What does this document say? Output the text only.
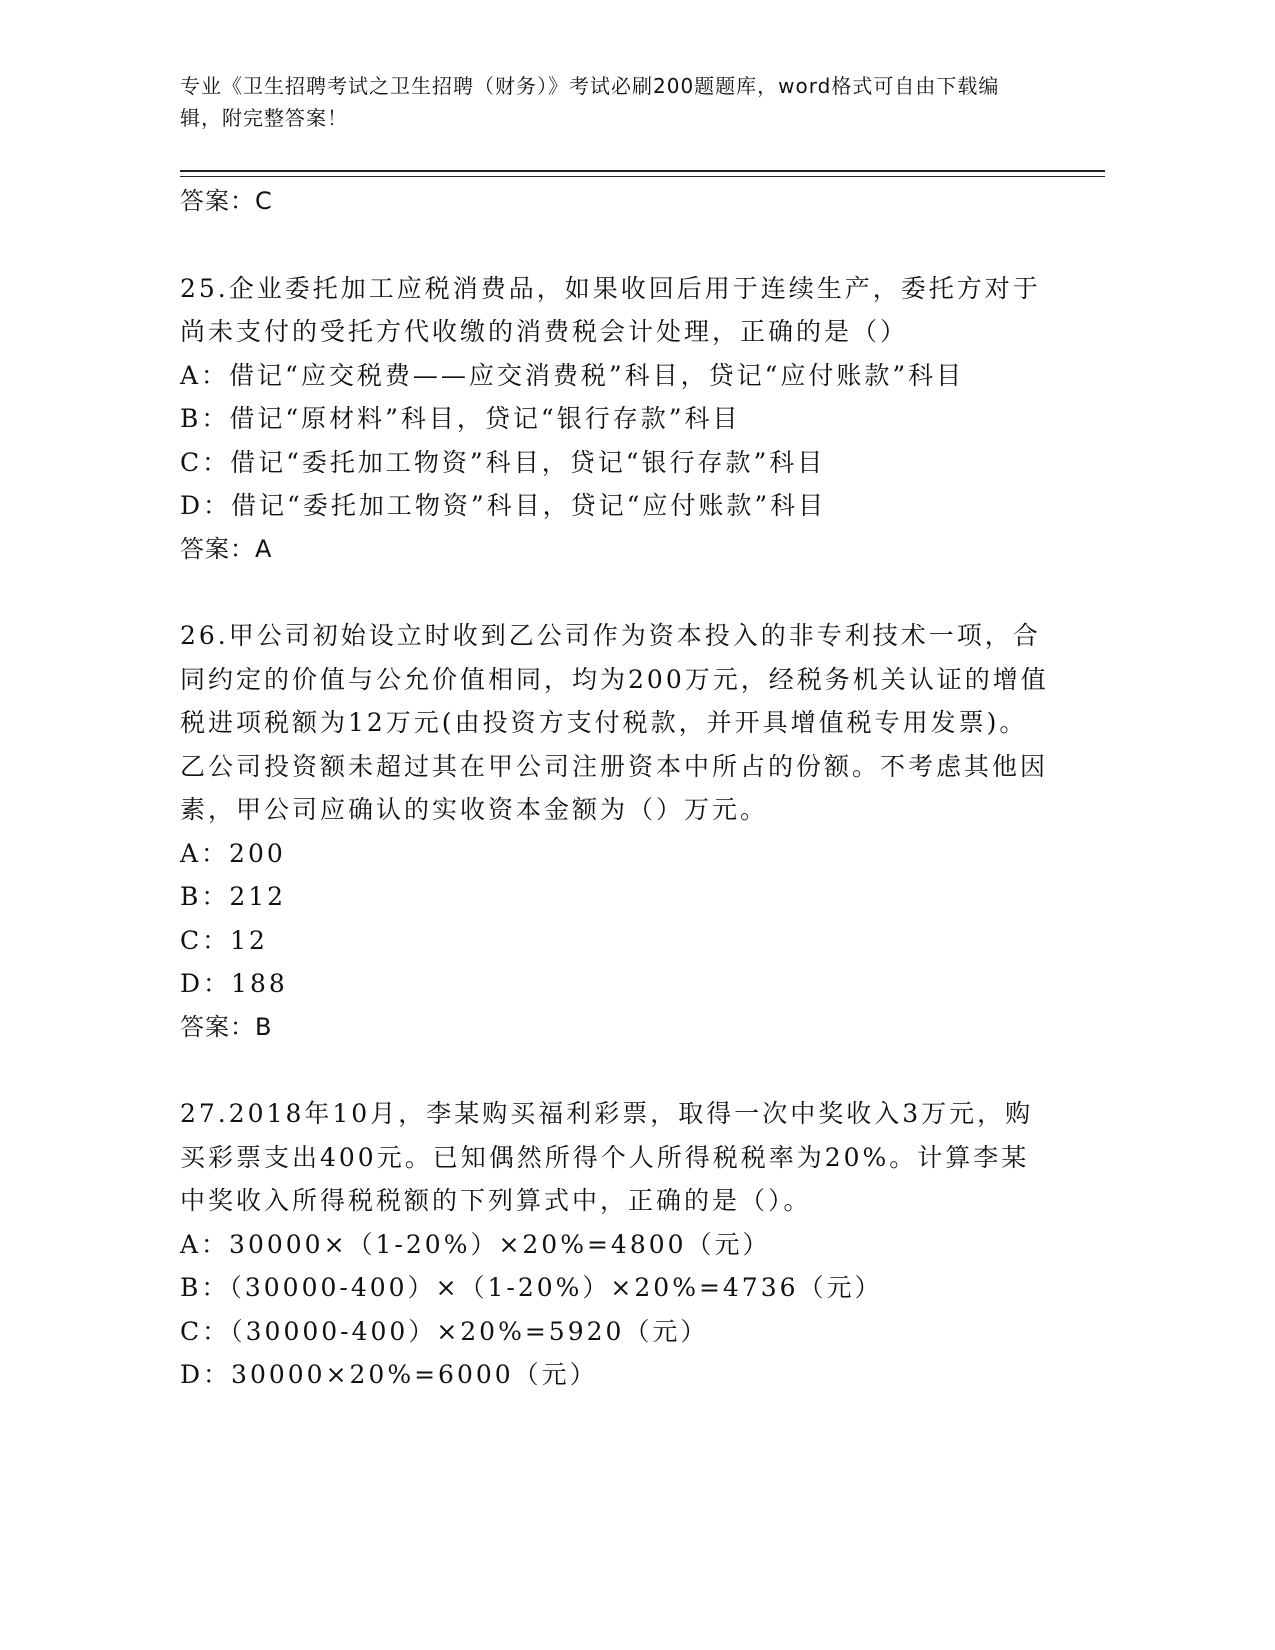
专业《卫生招聘考试之卫生招聘（财务）》考试必刷200题题库，word格式可自由下载编辑，附完整答案！
答案：C
25.企业委托加工应税消费品，如果收回后用于连续生产，委托方对于尚未支付的受托方代收缴的消费税会计处理，正确的是（）
A：借记“应交税费——应交消费税”科目，贷记“应付账款”科目
B：借记“原材料”科目，贷记“银行存款”科目
C：借记“委托加工物资”科目，贷记“银行存款”科目
D：借记“委托加工物资”科目，贷记“应付账款”科目
答案：A
26.甲公司初始设立时收到乙公司作为资本投入的非专利技术一项，合同约定的价值与公允价值相同，均为200万元，经税务机关认证的增值税进项税额为12万元(由投资方支付税款，并开具增值税专用发票)。乙公司投资额未超过其在甲公司注册资本中所占的份额。不考虑其他因素，甲公司应确认的实收资本金额为（）万元。
A：200
B：212
C：12
D：188
答案：B
27.2018年10月，李某购买福利彩票，取得一次中奖收入3万元，购买彩票支出400元。已知偶然所得个人所得税税率为20%。计算李某中奖收入所得税税额的下列算式中，正确的是（）。
A：30000×（1-20%）×20%=4800（元）
B：（30000-400）×（1-20%）×20%=4736（元）
C：（30000-400）×20%=5920（元）
D：30000×20%=6000（元）
